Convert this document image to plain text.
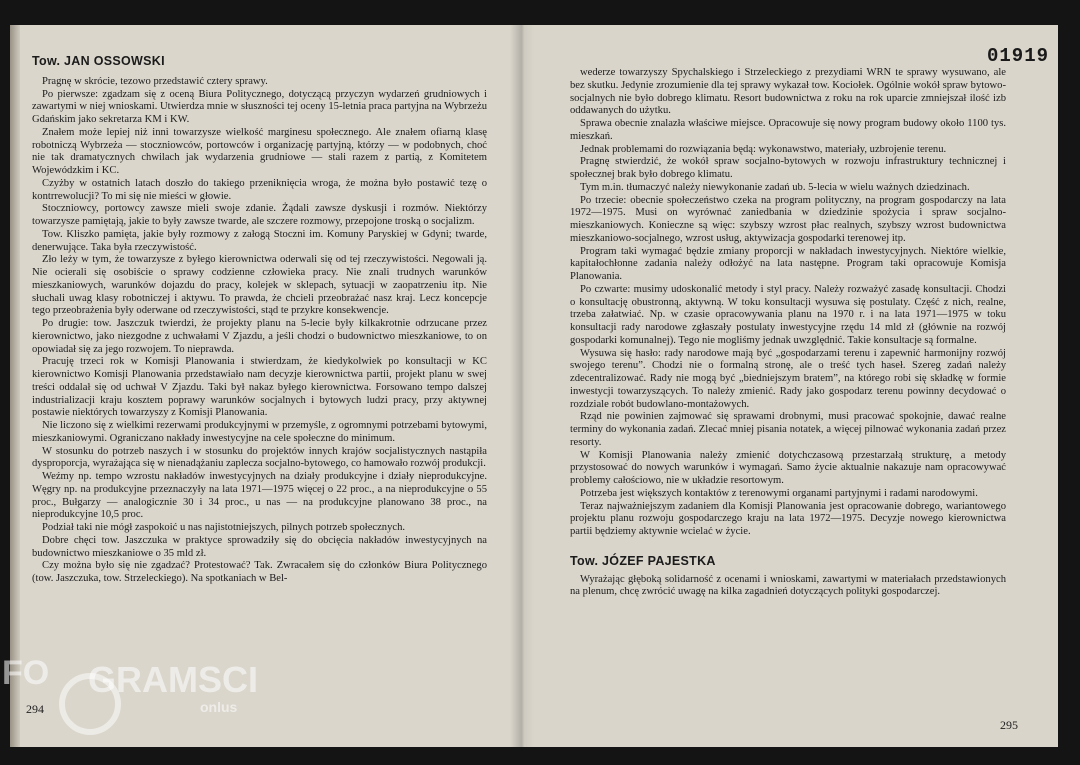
Tow. JAN OSSOWSKI

Pragnę w skrócie, tezowo przedstawić cztery sprawy.

Po pierwsze: zgadzam się z oceną Biura Politycznego, dotyczącą przyczyn wydarzeń grudniowych i zawartymi w niej wnioskami. Utwierdza mnie w słuszności tej oceny 15-letnia praca partyjna na Wybrzeżu Gdańskim jako sekretarza KM i KW.

Znałem może lepiej niż inni towarzysze wielkość marginesu społecznego. Ale znałem ofiarną klasę robotniczą Wybrzeża — stoczniowców, portowców i organizację partyjną, którzy — w podobnych, choć nie tak dramatycznych chwilach jak wydarzenia grudniowe — stali razem z partią, z Komitetem Wojewódzkim i KC.

Czyżby w ostatnich latach doszło do takiego przeniknięcia wroga, że można było postawić tezę o kontrrewolucji? To mi się nie mieści w głowie.

Stoczniowcy, portowcy zawsze mieli swoje zdanie. Żądali zawsze dyskusji i rozmów. Niektórzy towarzysze pamiętają, jakie to były zawsze twarde, ale szczere rozmowy, przepojone troską o socjalizm.

Tow. Kliszko pamięta, jakie były rozmowy z załogą Stoczni im. Komuny Paryskiej w Gdyni; twarde, denerwujące. Taka była rzeczywistość.

Zło leży w tym, że towarzysze z byłego kierownictwa oderwali się od tej rzeczywistości. Negowali ją. Nie ocierali się osobiście o sprawy codzienne człowieka pracy. Nie znali trudnych warunków mieszkaniowych, warunków dojazdu do pracy, kolejek w sklepach, sytuacji w zaopatrzeniu itp. Nie słuchali uwag klasy robotniczej i aktywu. To prawda, że chcieli przeobrażać nasz kraj. Lecz koncepcje tego przeobrażenia były oderwane od rzeczywistości, stąd te przykre konsekwencje.

Po drugie: tow. Jaszczuk twierdzi, że projekty planu na 5-lecie były kilkakrotnie odrzucane przez kierownictwo, jako niezgodne z uchwałami V Zjazdu, a jeśli chodzi o budownictwo mieszkaniowe, to on opowiadał się za jego rozwojem. To nieprawda.

Pracuję trzeci rok w Komisji Planowania i stwierdzam, że kiedykolwiek po konsultacji w KC kierownictwo Komisji Planowania przedstawiało nam decyzje kierownictwa partii, projekt planu w swej treści oddalał się od uchwał V Zjazdu. Taki był nakaz byłego kierownictwa. Forsowano tempo dalszej industrializacji kraju kosztem poprawy warunków socjalnych i bytowych ludzi pracy, przy aktywnej postawie niektórych towarzyszy z Komisji Planowania.

Nie liczono się z wielkimi rezerwami produkcyjnymi w przemyśle, z ogromnymi potrzebami bytowymi, mieszkaniowymi. Ograniczano nakłady inwestycyjne na cele społeczne do minimum.

W stosunku do potrzeb naszych i w stosunku do projektów innych krajów socjalistycznych nastąpiła dysproporcja, wyrażająca się w nienadążaniu zaplecza socjalno-bytowego, co hamowało rozwój produkcji.

Weźmy np. tempo wzrostu nakładów inwestycyjnych na działy produkcyjne i działy nieprodukcyjne. Węgry np. na produkcyjne przeznaczyły na lata 1971—1975 więcej o 22 proc., a na nieprodukcyjne o 55 proc., Bułgarzy — analogicznie 30 i 34 proc., u nas — na produkcyjne planowano 38 proc., na nieprodukcyjne 10,5 proc.

Podział taki nie mógł zaspokoić u nas najistotniejszych, pilnych potrzeb społecznych.

Dobre chęci tow. Jaszczuka w praktyce sprowadziły się do obcięcia nakładów inwestycyjnych na budownictwo mieszkaniowe o 35 mld zł.

Czy można było się nie zgadzać? Protestować? Tak. Zwracałem się do członków Biura Politycznego (tow. Jaszczuka, tow. Strzeleckiego). Na spotkaniach w Bel-

294
01919

wederze towarzyszy Spychalskiego i Strzeleckiego z prezydiami WRN te sprawy wysuwano, ale bez skutku. Jedynie zrozumienie dla tej sprawy wykazał tow. Kociołek. Ogólnie wokół spraw bytowo-socjalnych nie było dobrego klimatu. Resort budownictwa z roku na rok uparcie zmniejszał ilość izb oddawanych do użytku.

Sprawa obecnie znalazła właściwe miejsce. Opracowuje się nowy program budowy około 1100 tys. mieszkań.

Jednak problemami do rozwiązania będą: wykonawstwo, materiały, uzbrojenie terenu.

Pragnę stwierdzić, że wokół spraw socjalno-bytowych w rozwoju infrastruktury technicznej i społecznej brak było dobrego klimatu.

Tym m.in. tłumaczyć należy niewykonanie zadań ub. 5-lecia w wielu ważnych dziedzinach.

Po trzecie: obecnie społeczeństwo czeka na program polityczny, na program gospodarczy na lata 1972—1975. Musi on wyrównać zaniedbania w dziedzinie spożycia i spraw socjalno-mieszkaniowych. Konieczne są więc: szybszy wzrost płac realnych, szybszy wzrost budownictwa mieszkaniowo-socjalnego, wzrost usług, aktywizacja gospodarki terenowej itp.

Program taki wymagać będzie zmiany proporcji w nakładach inwestycyjnych. Niektóre wielkie, kapitałochłonne zadania należy odłożyć na lata następne. Program taki opracowuje Komisja Planowania.

Po czwarte: musimy udoskonalić metody i styl pracy. Należy rozważyć zasadę konsultacji. Chodzi o konsultację obustronną, aktywną. W toku konsultacji wysuwa się postulaty. Część z nich, realne, trzeba załatwiać. Np. w czasie opracowywania planu na 1970 r. i na lata 1971—1975 w toku konsultacji rady narodowe zgłaszały postulaty inwestycyjne rzędu 14 mld zł (głównie na rozwój gospodarki komunalnej). Tego nie mogliśmy jednak uwzględnić. Takie konsultacje są formalne.

Wysuwa się hasło: rady narodowe mają być „gospodarzami terenu i zapewnić harmonijny rozwój swojego terenu”. Chodzi nie o formalną stronę, ale o treść tych haseł. Szereg zadań należy zdecentralizować. Rady nie mogą być „biedniejszym bratem”, na którego robi się składkę w formie inwestycji towarzyszących. To należy zmienić. Rady jako gospodarz terenu powinny decydować o rozdziale robót budowlano-montażowych.

Rząd nie powinien zajmować się sprawami drobnymi, musi pracować spokojnie, dawać realne terminy do wykonania zadań. Zlecać mniej pisania notatek, a więcej pilnować wykonania zadań przez resorty.

W Komisji Planowania należy zmienić dotychczasową przestarzałą strukturę, a metody przystosować do nowych warunków i wymagań. Samo życie aktualnie nakazuje nam opracowywać problemy całościowo, nie w układzie resortowym.

Potrzeba jest większych kontaktów z terenowymi organami partyjnymi i radami narodowymi.

Teraz najważniejszym zadaniem dla Komisji Planowania jest opracowanie dobrego, wariantowego projektu planu rozwoju gospodarczego kraju na lata 1972—1975. Decyzje nowego kierownictwa partii będziemy aktywnie wcielać w życie.

Tow. JÓZEF PAJESTKA

Wyrażając głęboką solidarność z ocenami i wnioskami, zawartymi w materiałach przedstawionych na plenum, chcę zwrócić uwagę na kilka zagadnień dotyczących polityki gospodarczej.

295
FO GRAMSCI
onlus
